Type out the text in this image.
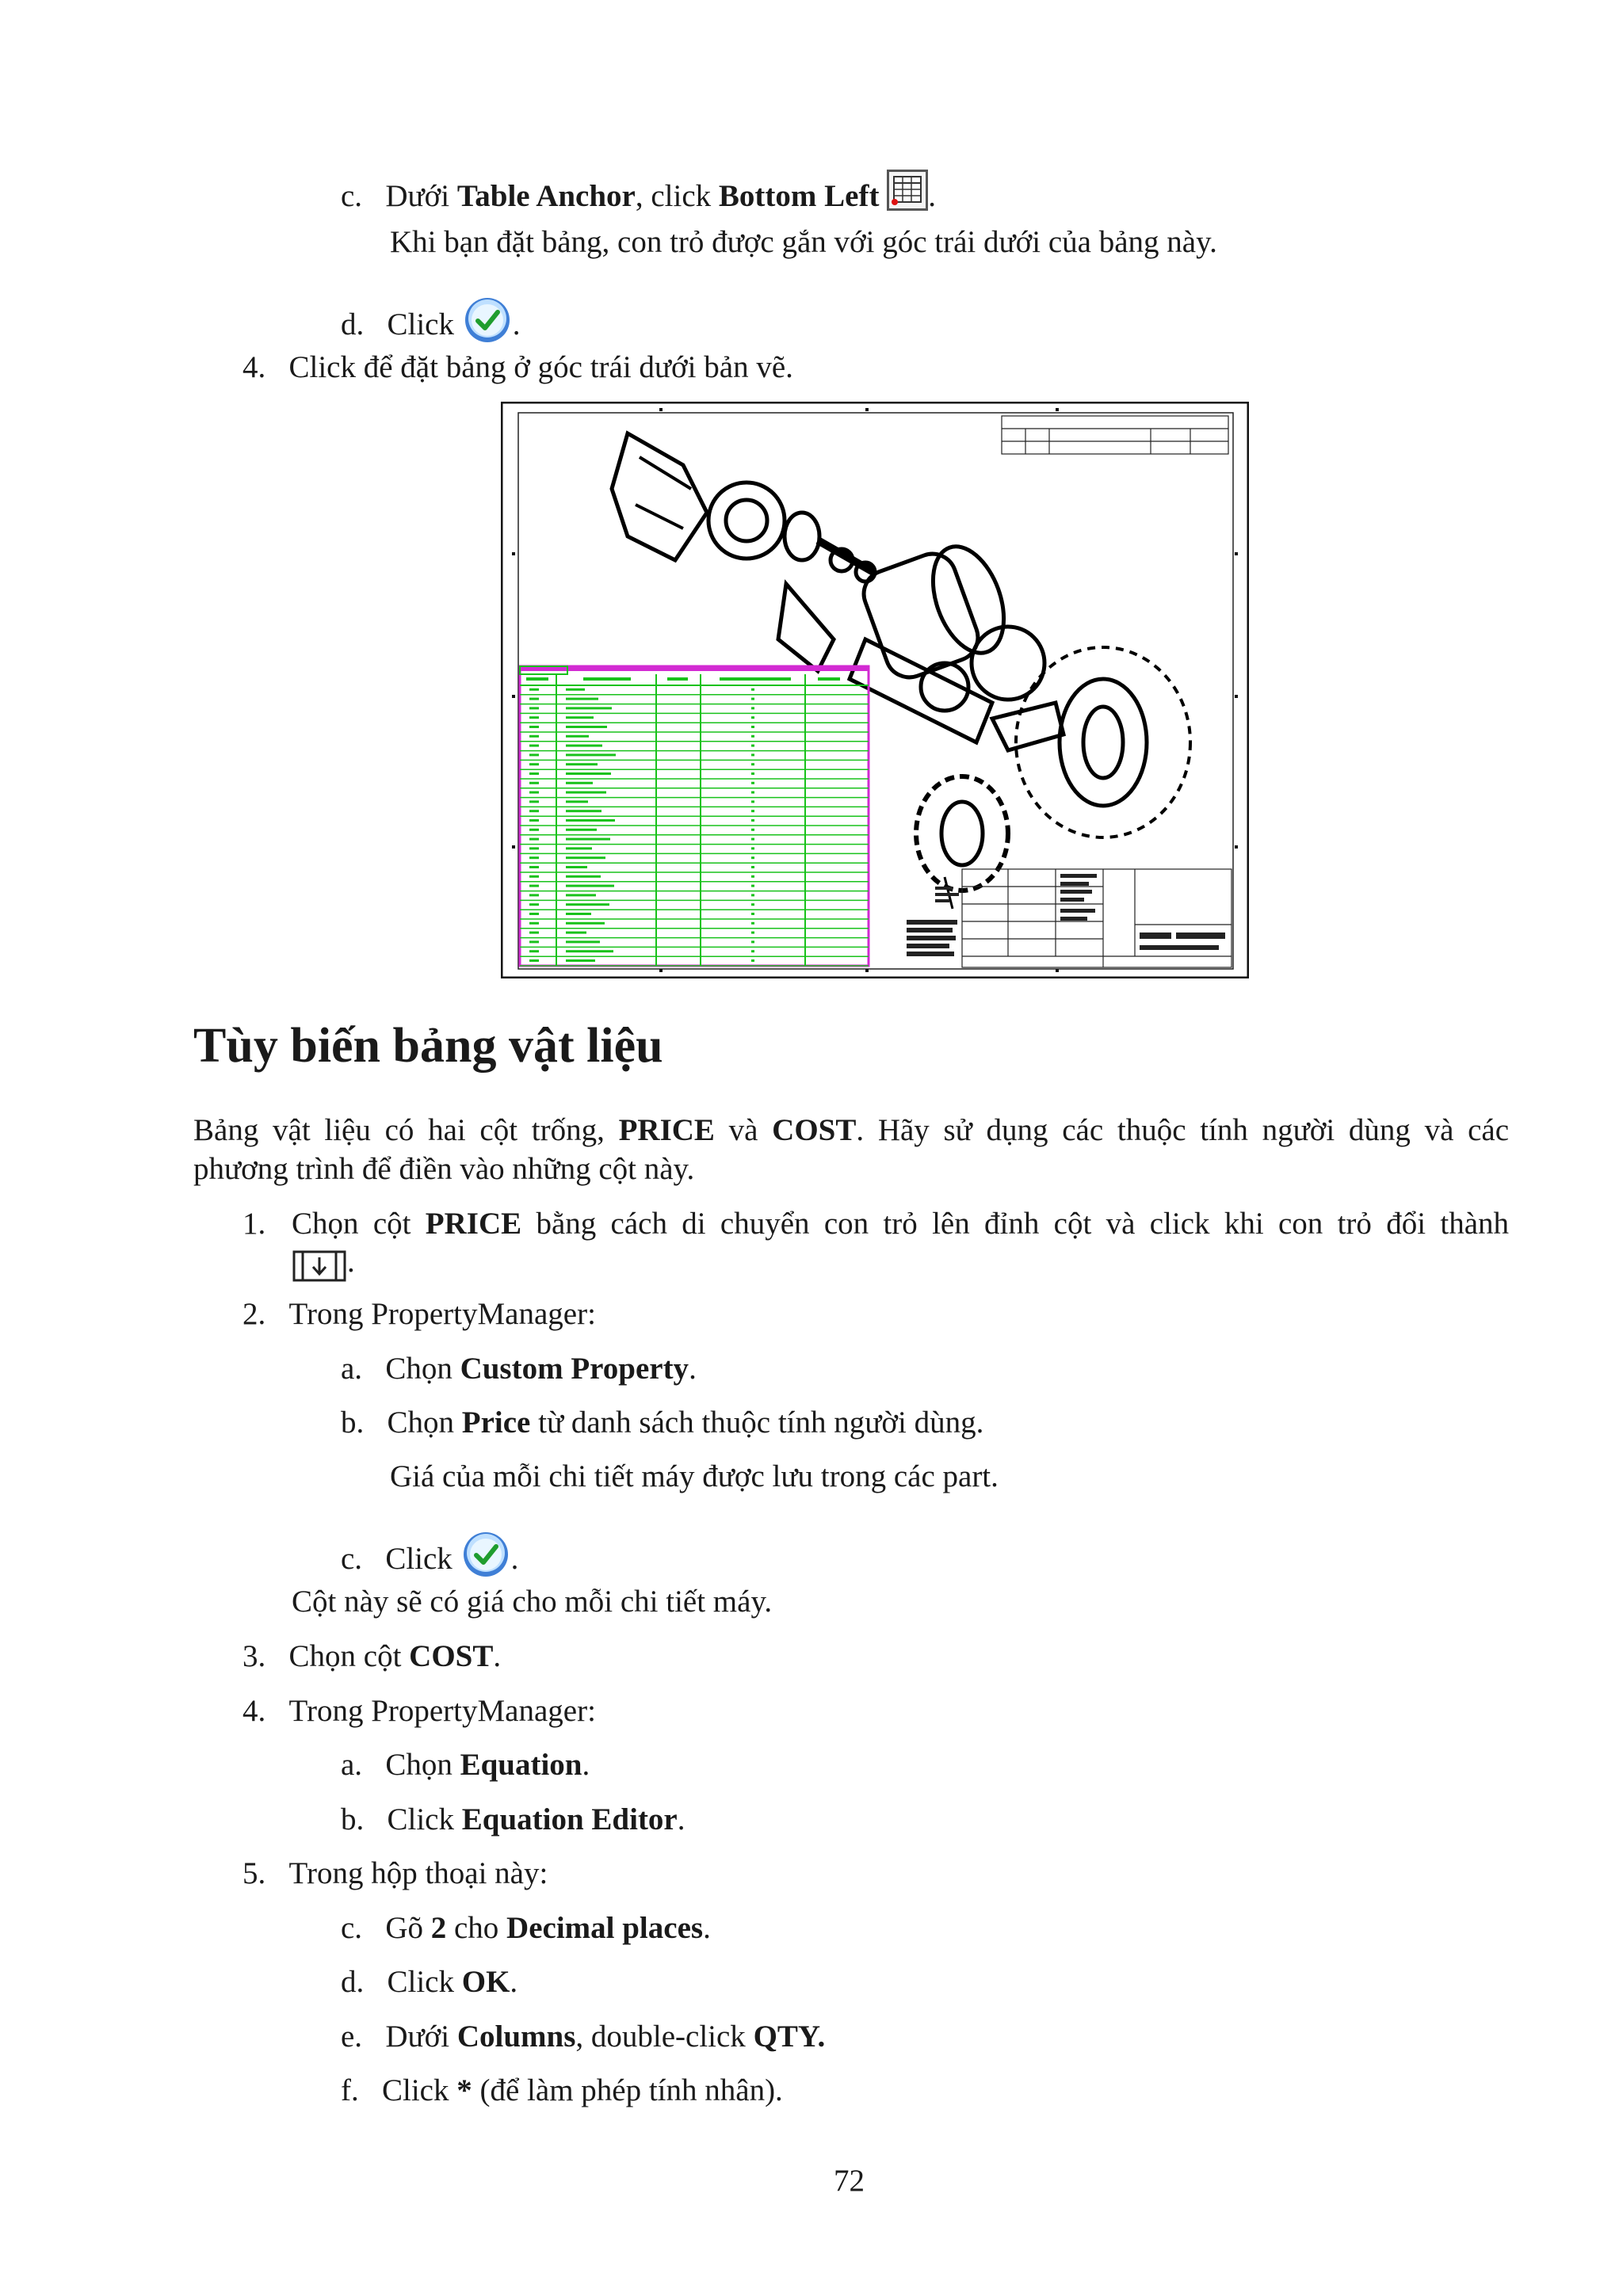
c. Dưới Table Anchor, click Bottom Left .
Khi bạn đặt bảng, con trỏ được gắn với góc trái dưới của bảng này.
d. Click .
4. Click để đặt bảng ở góc trái dưới bản vẽ.
Tùy biến bảng vật liệu
Bảng vật liệu có hai cột trống, PRICE và COST. Hãy sử dụng các thuộc tính người dùng và các
phương trình để điền vào những cột này.
1. Chọn cột PRICE bằng cách di chuyển con trỏ lên đỉnh cột và click khi con trỏ đổi thành
.
2. Trong PropertyManager:
a. Chọn Custom Property.
b. Chọn Price từ danh sách thuộc tính người dùng.
Giá của mỗi chi tiết máy được lưu trong các part.
c. Click .
Cột này sẽ có giá cho mỗi chi tiết máy.
3. Chọn cột COST.
4. Trong PropertyManager:
a. Chọn Equation.
b. Click Equation Editor.
5. Trong hộp thoại này:
c. Gõ 2 cho Decimal places.
d. Click OK.
e. Dưới Columns, double-click QTY.
f. Click * (để làm phép tính nhân).
72
